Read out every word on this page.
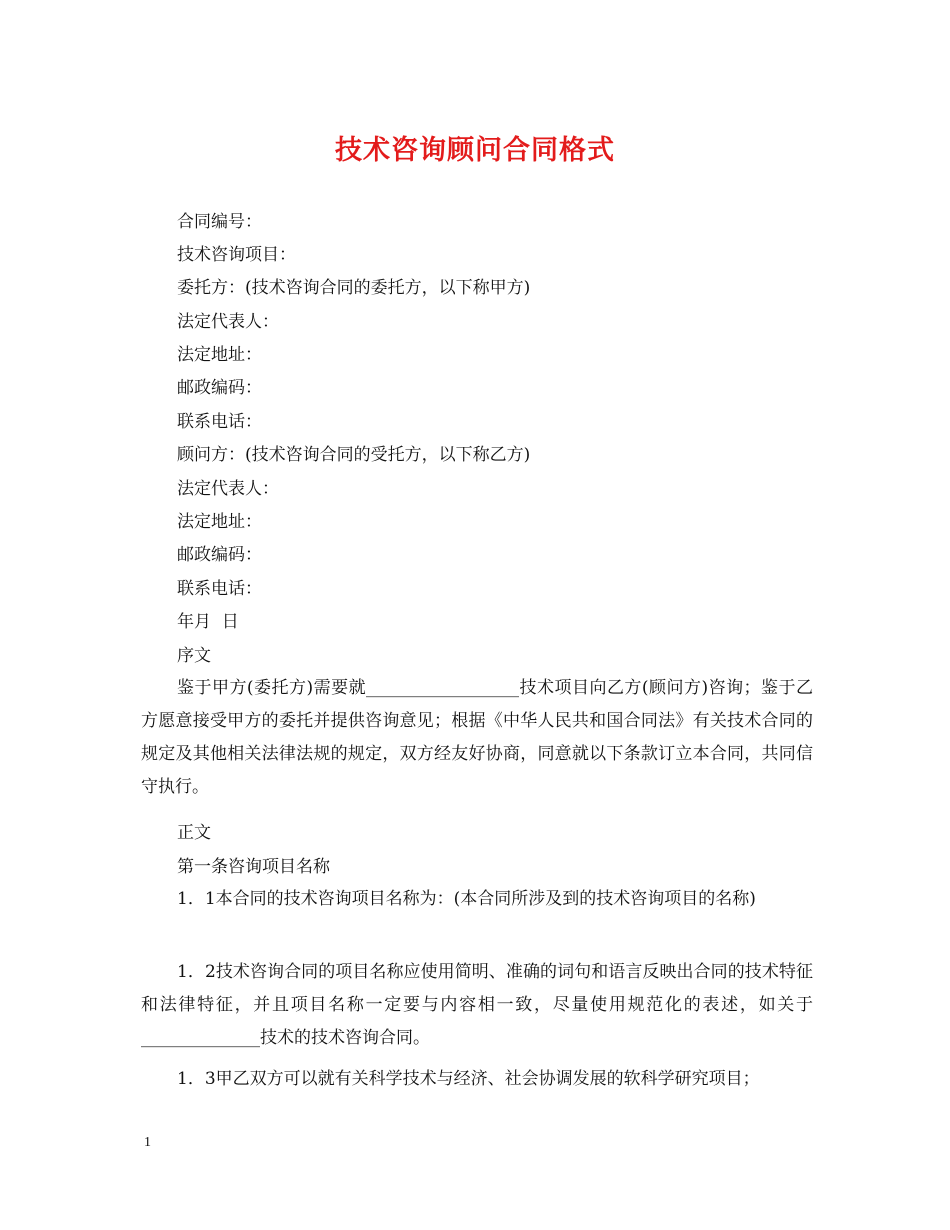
技术咨询顾问合同格式
合同编号：
技术咨询项目：
委托方：(技术咨询合同的委托方，以下称甲方)
法定代表人：
法定地址：
邮政编码：
联系电话：
顾问方：(技术咨询合同的受托方，以下称乙方)
法定代表人：
法定地址：
邮政编码：
联系电话：
年月  日
序文
鉴于甲方(委托方)需要就__________________技术项目向乙方(顾问方)咨询；鉴于乙方愿意接受甲方的委托并提供咨询意见；根据《中华人民共和国合同法》有关技术合同的规定及其他相关法律法规的规定，双方经友好协商，同意就以下条款订立本合同，共同信守执行。
正文
第一条咨询项目名称
1．1本合同的技术咨询项目名称为：(本合同所涉及到的技术咨询项目的名称)
1．2技术咨询合同的项目名称应使用简明、准确的词句和语言反映出合同的技术特征和法律特征，并且项目名称一定要与内容相一致，尽量使用规范化的表述，如关于______________技术的技术咨询合同。
1．3甲乙双方可以就有关科学技术与经济、社会协调发展的软科学研究项目；
1
